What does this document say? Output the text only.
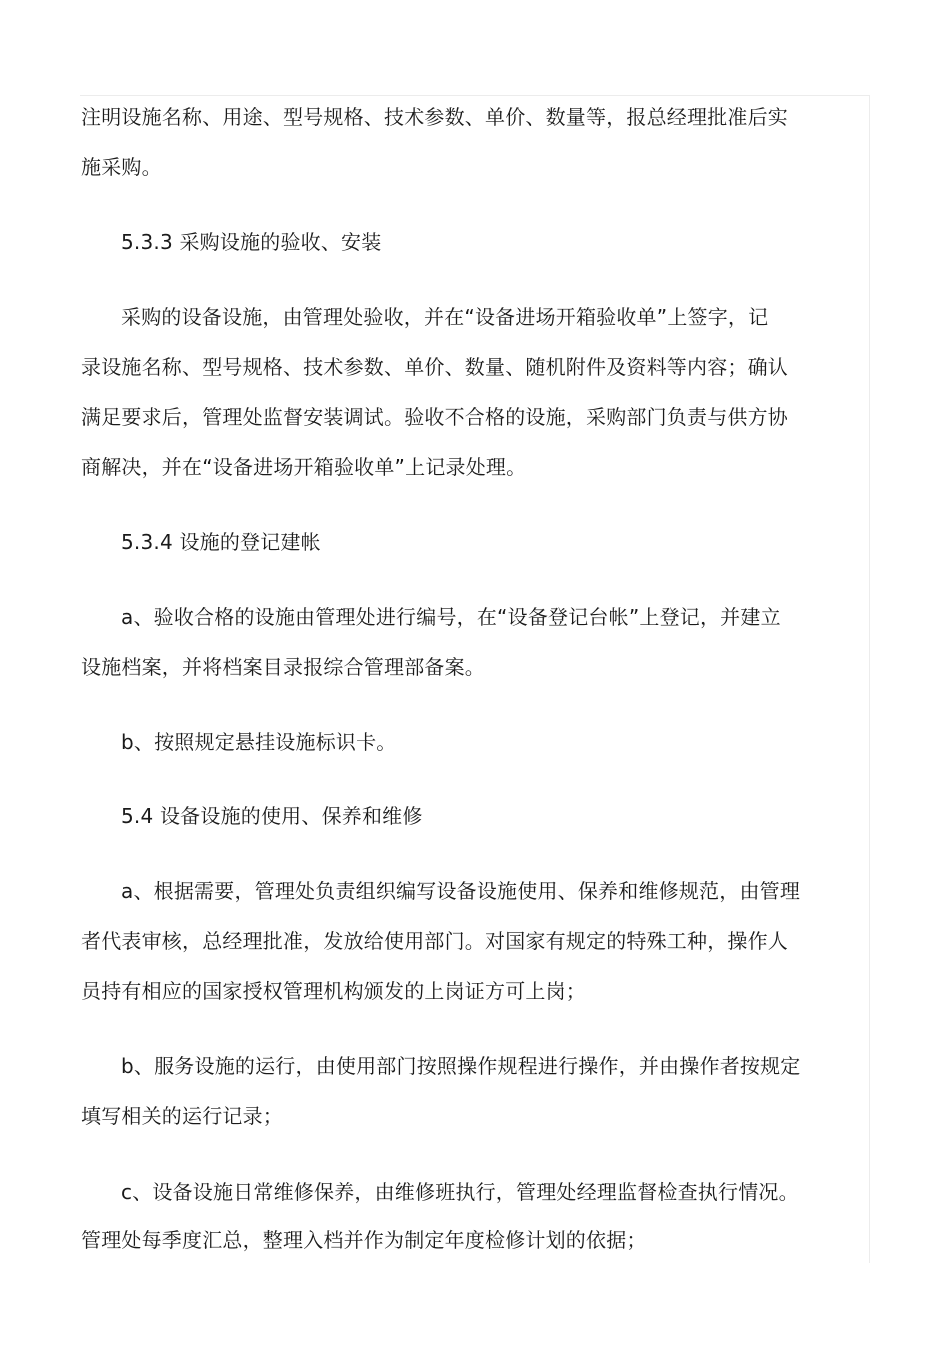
注明设施名称、用途、型号规格、技术参数、单价、数量等，报总经理批准后实
施采购。
5.3.3 采购设施的验收、安装
采购的设备设施，由管理处验收，并在“设备进场开箱验收单”上签字，记
录设施名称、型号规格、技术参数、单价、数量、随机附件及资料等内容；确认
满足要求后，管理处监督安装调试。验收不合格的设施，采购部门负责与供方协
商解决，并在“设备进场开箱验收单”上记录处理。
5.3.4 设施的登记建帐
a、验收合格的设施由管理处进行编号，在“设备登记台帐”上登记，并建立
设施档案，并将档案目录报综合管理部备案。
b、按照规定悬挂设施标识卡。
5.4 设备设施的使用、保养和维修
a、根据需要，管理处负责组织编写设备设施使用、保养和维修规范，由管理
者代表审核，总经理批准，发放给使用部门。对国家有规定的特殊工种，操作人
员持有相应的国家授权管理机构颁发的上岗证方可上岗；
b、服务设施的运行，由使用部门按照操作规程进行操作，并由操作者按规定
填写相关的运行记录；
c、设备设施日常维修保养，由维修班执行，管理处经理监督检查执行情况。
管理处每季度汇总，整理入档并作为制定年度检修计划的依据；
